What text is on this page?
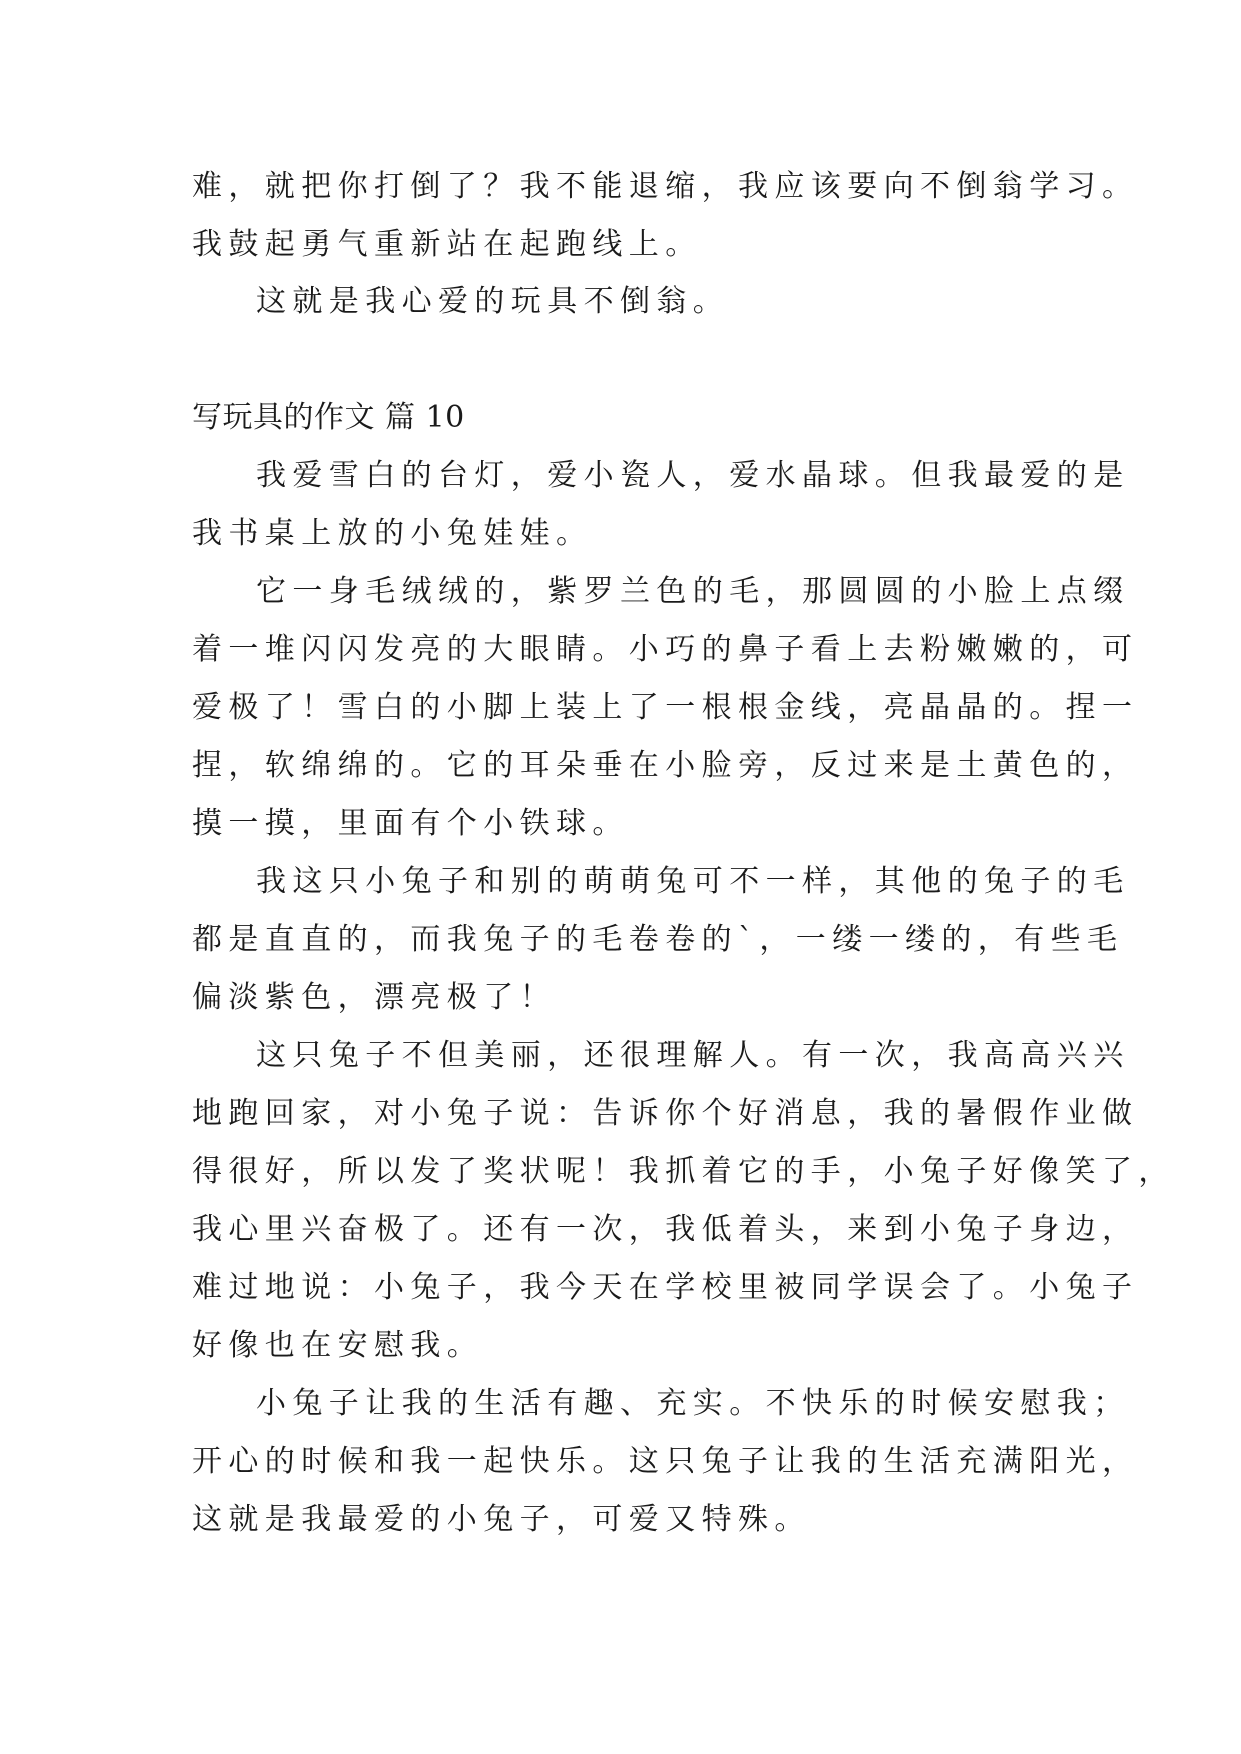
难，就把你打倒了？我不能退缩，我应该要向不倒翁学习。
我鼓起勇气重新站在起跑线上。
这就是我心爱的玩具不倒翁。
写玩具的作文 篇 10
我爱雪白的台灯，爱小瓷人，爱水晶球。但我最爱的是
我书桌上放的小兔娃娃。
它一身毛绒绒的，紫罗兰色的毛，那圆圆的小脸上点缀
着一堆闪闪发亮的大眼睛。小巧的鼻子看上去粉嫩嫩的，可
爱极了！雪白的小脚上装上了一根根金线，亮晶晶的。捏一
捏，软绵绵的。它的耳朵垂在小脸旁，反过来是土黄色的，
摸一摸，里面有个小铁球。
我这只小兔子和别的萌萌兔可不一样，其他的兔子的毛
都是直直的，而我兔子的毛卷卷的`，一缕一缕的，有些毛
偏淡紫色，漂亮极了！
这只兔子不但美丽，还很理解人。有一次，我高高兴兴
地跑回家，对小兔子说：告诉你个好消息，我的暑假作业做
得很好，所以发了奖状呢！我抓着它的手，小兔子好像笑了，
我心里兴奋极了。还有一次，我低着头，来到小兔子身边，
难过地说：小兔子，我今天在学校里被同学误会了。小兔子
好像也在安慰我。
小兔子让我的生活有趣、充实。不快乐的时候安慰我；
开心的时候和我一起快乐。这只兔子让我的生活充满阳光，
这就是我最爱的小兔子，可爱又特殊。
